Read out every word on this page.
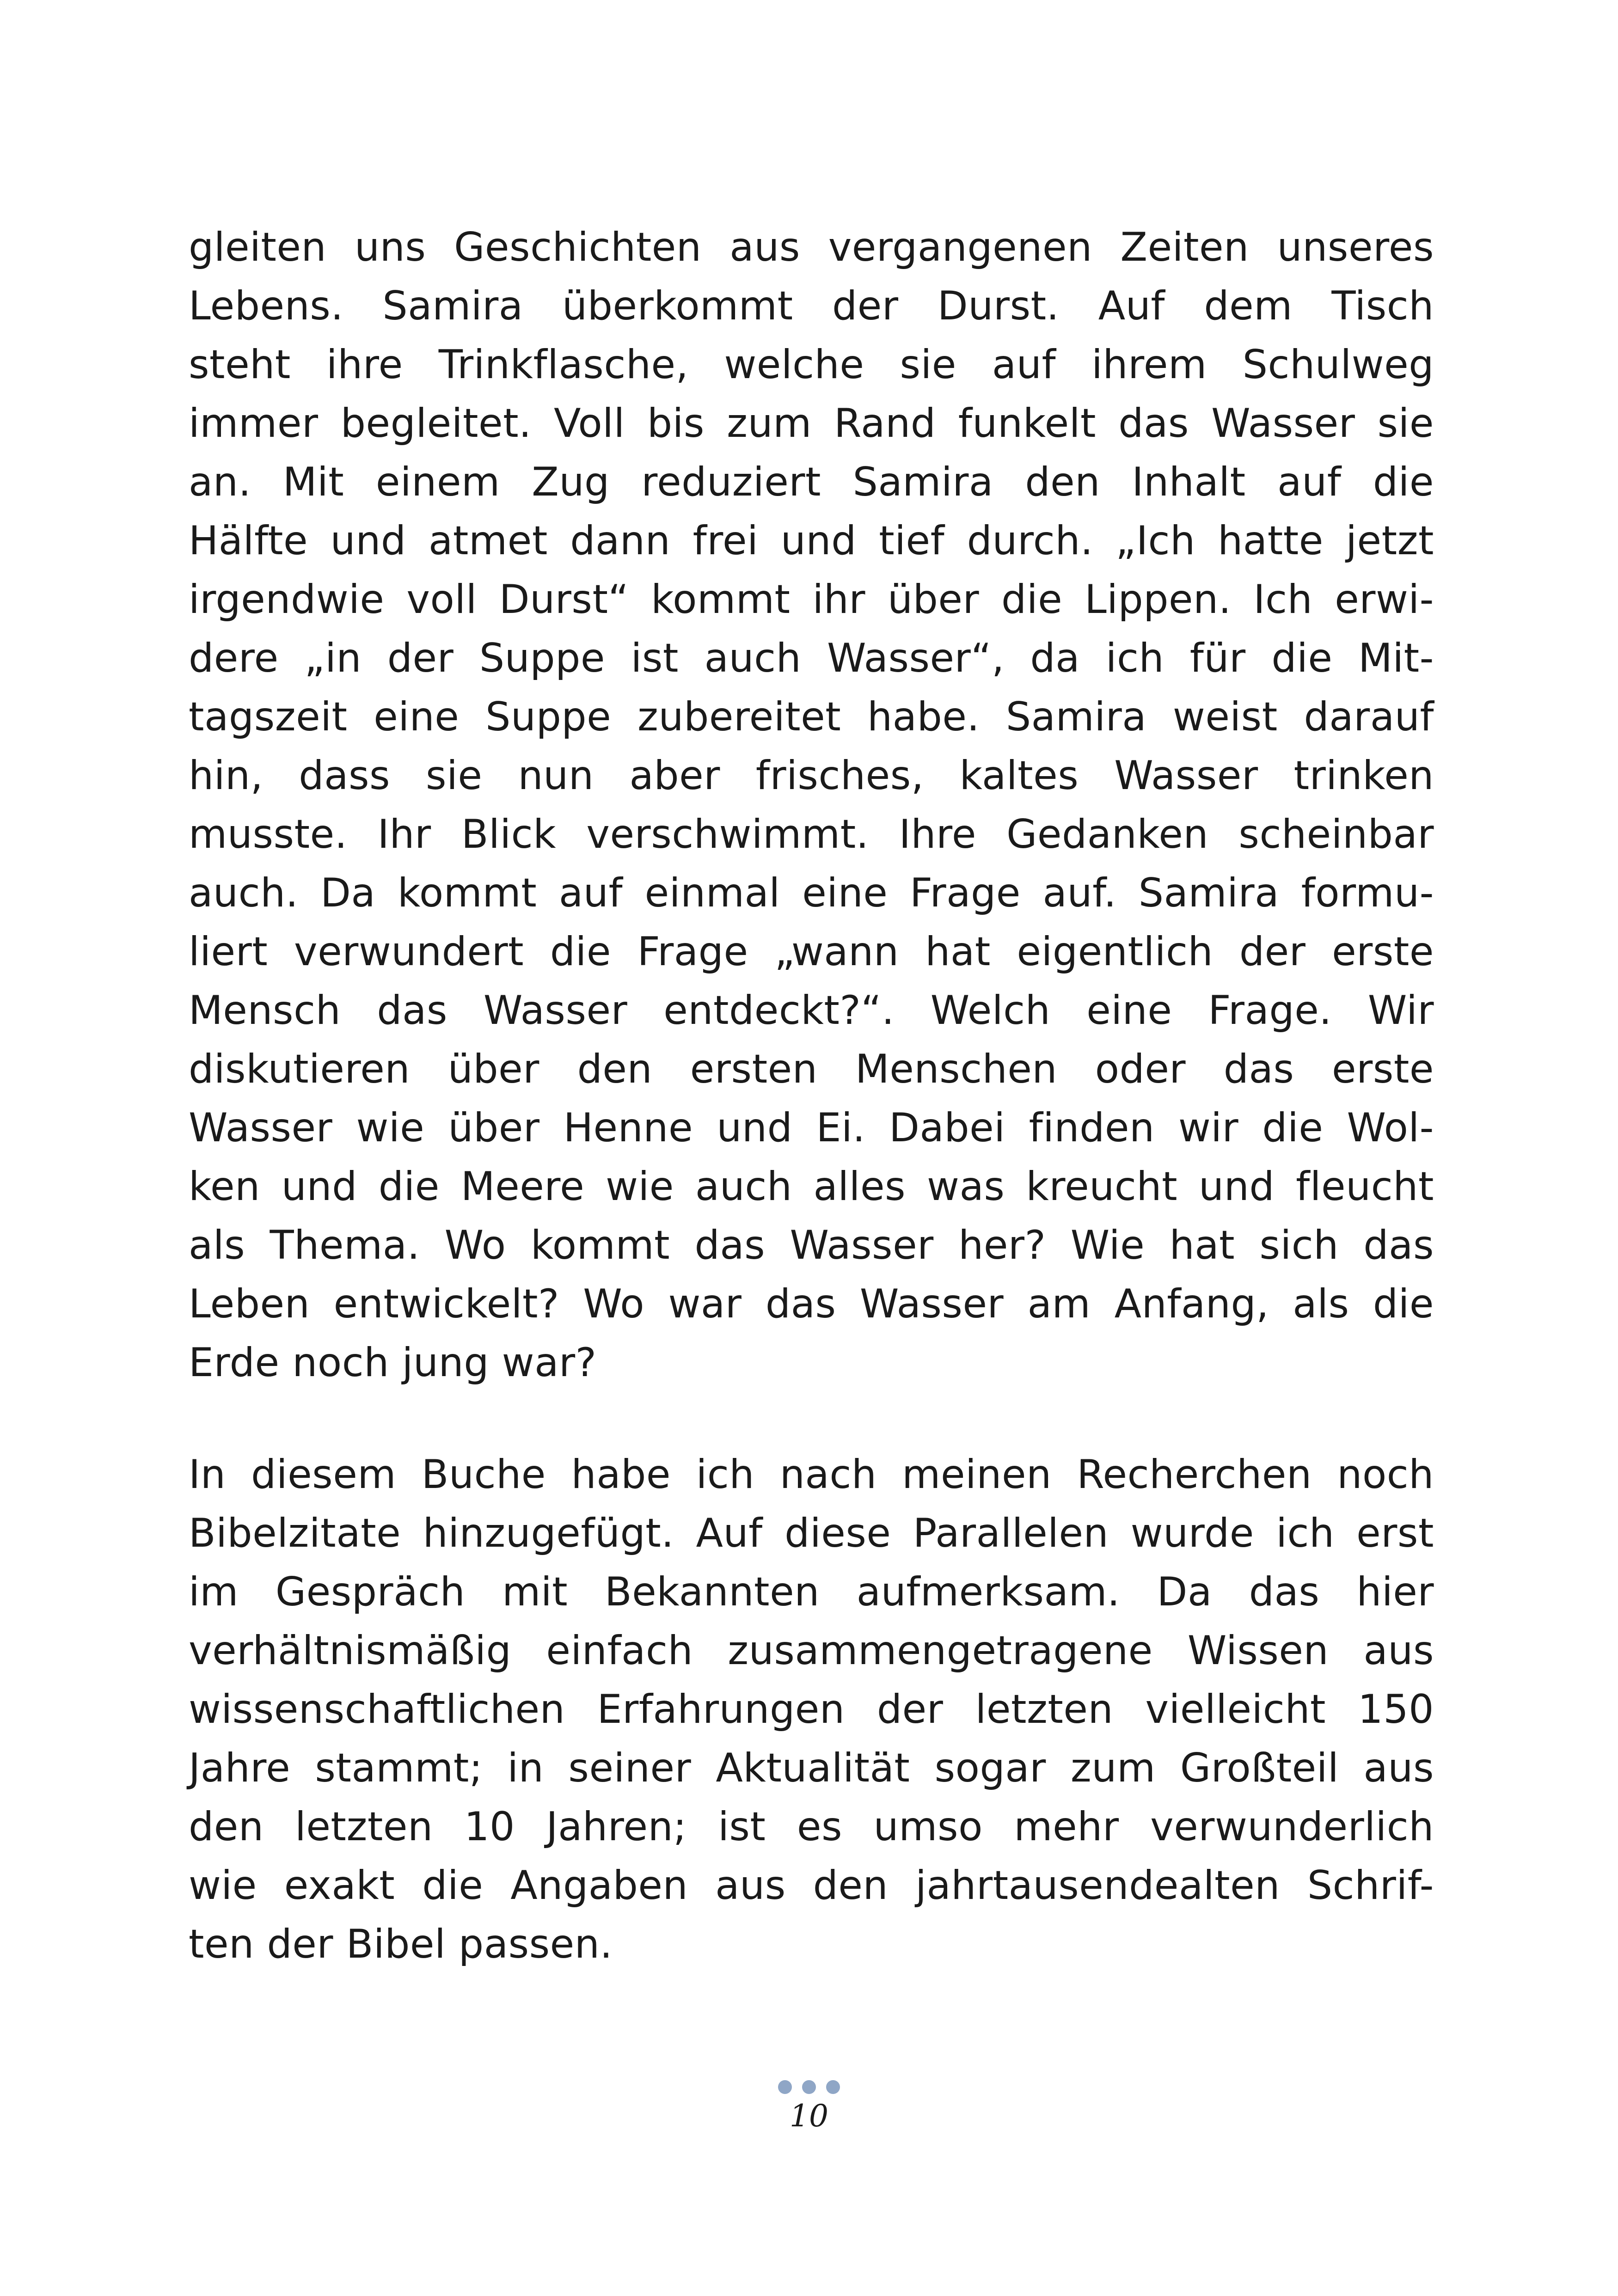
gleiten uns Geschichten aus vergangenen Zeiten unseres
Lebens. Samira überkommt der Durst. Auf dem Tisch
steht ihre Trinkflasche, welche sie auf ihrem Schulweg
immer begleitet. Voll bis zum Rand funkelt das Wasser sie
an. Mit einem Zug reduziert Samira den Inhalt auf die
Hälfte und atmet dann frei und tief durch. „Ich hatte jetzt
irgendwie voll Durst“ kommt ihr über die Lippen. Ich erwi-
dere „in der Suppe ist auch Wasser“, da ich für die Mit-
tagszeit eine Suppe zubereitet habe. Samira weist darauf
hin, dass sie nun aber frisches, kaltes Wasser trinken
musste. Ihr Blick verschwimmt. Ihre Gedanken scheinbar
auch. Da kommt auf einmal eine Frage auf. Samira formu-
liert verwundert die Frage „wann hat eigentlich der erste
Mensch das Wasser entdeckt?“. Welch eine Frage. Wir
diskutieren über den ersten Menschen oder das erste
Wasser wie über Henne und Ei. Dabei finden wir die Wol-
ken und die Meere wie auch alles was kreucht und fleucht
als Thema. Wo kommt das Wasser her? Wie hat sich das
Leben entwickelt? Wo war das Wasser am Anfang, als die
Erde noch jung war?
In diesem Buche habe ich nach meinen Recherchen noch
Bibelzitate hinzugefügt. Auf diese Parallelen wurde ich erst
im Gespräch mit Bekannten aufmerksam. Da das hier
verhältnismäßig einfach zusammengetragene Wissen aus
wissenschaftlichen Erfahrungen der letzten vielleicht 150
Jahre stammt; in seiner Aktualität sogar zum Großteil aus
den letzten 10 Jahren; ist es umso mehr verwunderlich
wie exakt die Angaben aus den jahrtausendealten Schrif-
ten der Bibel passen.
10
